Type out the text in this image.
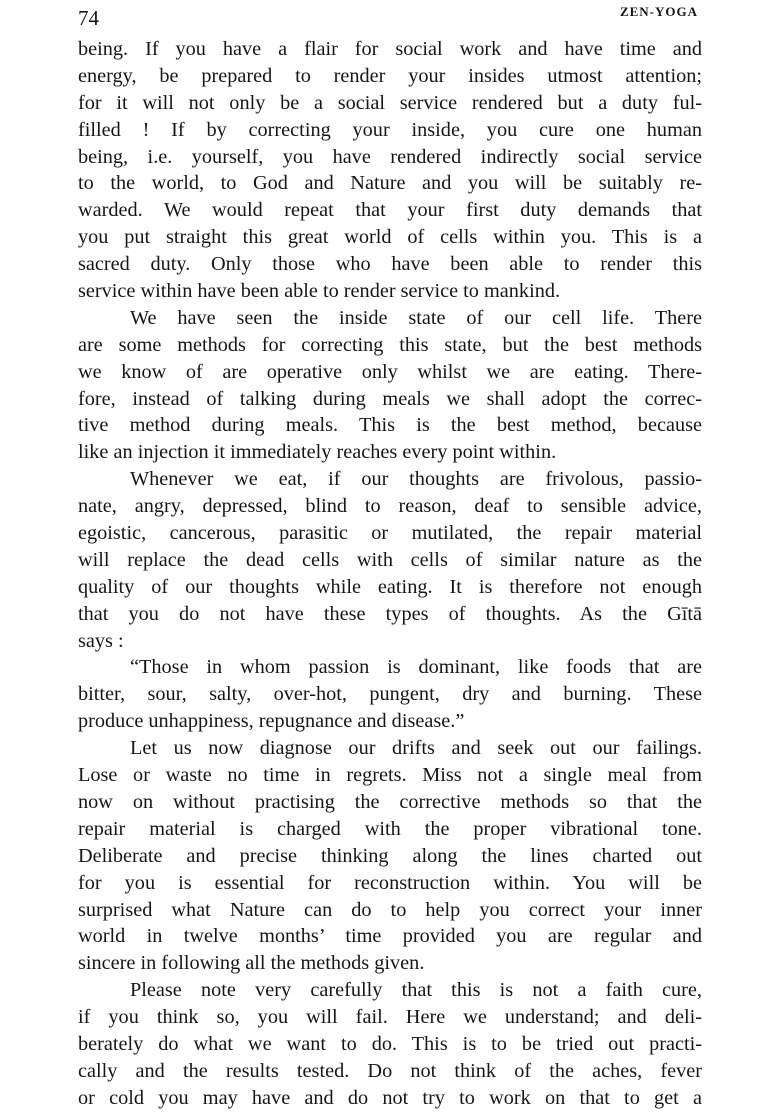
74	ZEN-YOGA
being. If you have a flair for social work and have time and
energy, be prepared to render your insides utmost attention;
for it will not only be a social service rendered but a duty ful-
filled ! If by correcting your inside, you cure one human
being, i.e. yourself, you have rendered indirectly social service
to the world, to God and Nature and you will be suitably re-
warded. We would repeat that your first duty demands that
you put straight this great world of cells within you. This is a
sacred duty. Only those who have been able to render this
service within have been able to render service to mankind.
We have seen the inside state of our cell life. There
are some methods for correcting this state, but the best methods
we know of are operative only whilst we are eating. There-
fore, instead of talking during meals we shall adopt the correc-
tive method during meals. This is the best method, because
like an injection it immediately reaches every point within.
Whenever we eat, if our thoughts are frivolous, passio-
nate, angry, depressed, blind to reason, deaf to sensible advice,
egoistic, cancerous, parasitic or mutilated, the repair material
will replace the dead cells with cells of similar nature as the
quality of our thoughts while eating. It is therefore not enough
that you do not have these types of thoughts. As the Gītā
says :
“Those in whom passion is dominant, like foods that are
bitter, sour, salty, over-hot, pungent, dry and burning. These
produce unhappiness, repugnance and disease.”
Let us now diagnose our drifts and seek out our failings.
Lose or waste no time in regrets. Miss not a single meal from
now on without practising the corrective methods so that the
repair material is charged with the proper vibrational tone.
Deliberate and precise thinking along the lines charted out
for you is essential for reconstruction within. You will be
surprised what Nature can do to help you correct your inner
world in twelve months’ time provided you are regular and
sincere in following all the methods given.
Please note very carefully that this is not a faith cure,
if you think so, you will fail. Here we understand; and deli-
berately do what we want to do. This is to be tried out practi-
cally and the results tested. Do not think of the aches, fever
or cold you may have and do not try to work on that to get a
